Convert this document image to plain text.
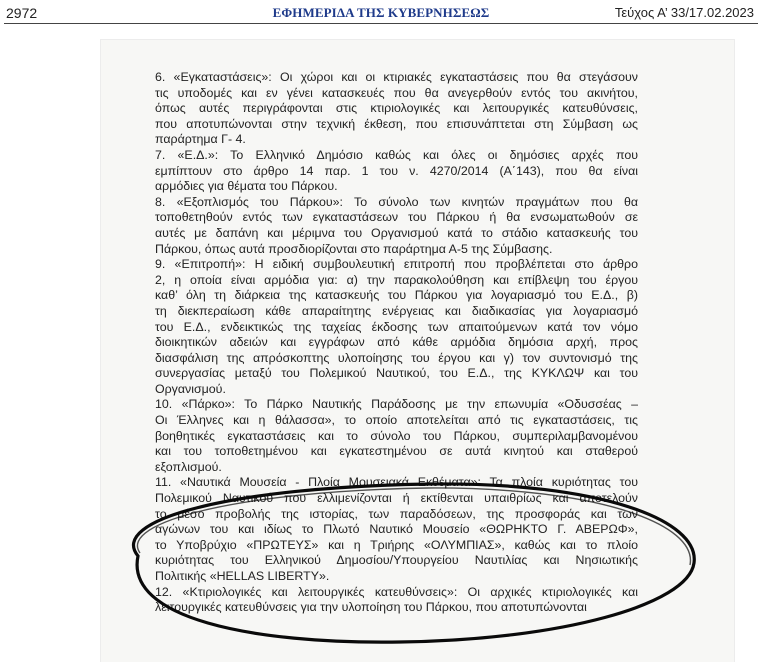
2972	ΕΦΗΜΕΡΙΔΑ ΤΗΣ ΚΥΒΕΡΝΗΣΕΩΣ	Τεύχος Α’ 33/17.02.2023
6. «Εγκαταστάσεις»: Οι χώροι και οι κτιριακές εγκαταστάσεις που θα στεγάσουν
τις υποδομές και εν γένει κατασκευές που θα ανεγερθούν εντός του ακινήτου,
όπως αυτές περιγράφονται στις κτιριολογικές και λειτουργικές κατευθύνσεις,
που αποτυπώνονται στην τεχνική έκθεση, που επισυνάπτεται στη Σύμβαση ως
παράρτημα Γ- 4.
7. «Ε.Δ.»: Το Ελληνικό Δημόσιο καθώς και όλες οι δημόσιες αρχές που
εμπίπτουν στο άρθρο 14 παρ. 1 του ν. 4270/2014 (Α΄143), που θα είναι
αρμόδιες για θέματα του Πάρκου.
8. «Εξοπλισμός του Πάρκου»: Το σύνολο των κινητών πραγμάτων που θα
τοποθετηθούν εντός των εγκαταστάσεων του Πάρκου ή θα ενσωματωθούν σε
αυτές με δαπάνη και μέριμνα του Οργανισμού κατά το στάδιο κατασκευής του
Πάρκου, όπως αυτά προσδιορίζονται στο παράρτημα Α-5 της Σύμβασης.
9. «Επιτροπή»: Η ειδική συμβουλευτική επιτροπή που προβλέπεται στο άρθρο
2, η οποία είναι αρμόδια για: α) την παρακολούθηση και επίβλεψη του έργου
καθ’ όλη τη διάρκεια της κατασκευής του Πάρκου για λογαριασμό του Ε.Δ., β)
τη διεκπεραίωση κάθε απαραίτητης ενέργειας και διαδικασίας για λογαριασμό
του Ε.Δ., ενδεικτικώς της ταχείας έκδοσης των απαιτούμενων κατά τον νόμο
διοικητικών αδειών και εγγράφων από κάθε αρμόδια δημόσια αρχή, προς
διασφάλιση της απρόσκοπτης υλοποίησης του έργου και γ) τον συντονισμό της
συνεργασίας μεταξύ του Πολεμικού Ναυτικού, του Ε.Δ., της ΚΥΚΛΩΨ και του
Οργανισμού.
10. «Πάρκο»: Το Πάρκο Ναυτικής Παράδοσης με την επωνυμία «Οδυσσέας –
Οι Έλληνες και η θάλασσα», το οποίο αποτελείται από τις εγκαταστάσεις, τις
βοηθητικές εγκαταστάσεις και το σύνολο του Πάρκου, συμπεριλαμβανομένου
και του τοποθετημένου και εγκατεστημένου σε αυτά κινητού και σταθερού
εξοπλισμού.
11. «Ναυτικά Μουσεία - Πλοία Μουσειακά Εκθέματα»: Τα πλοία κυριότητας του
Πολεμικού Ναυτικού που ελλιμενίζονται ή εκτίθενται υπαιθρίως και αποτελούν
το μέσο προβολής της ιστορίας, των παραδόσεων, της προσφοράς και των
αγώνων του και ιδίως το Πλωτό Ναυτικό Μουσείο «ΘΩΡΗΚΤΟ Γ. ΑΒΕΡΩΦ»,
το Υποβρύχιο «ΠΡΩΤΕΥΣ» και η Τριήρης «ΟΛΥΜΠΙΑΣ», καθώς και το πλοίο
κυριότητας του Ελληνικού Δημοσίου/Υπουργείου Ναυτιλίας και Νησιωτικής
Πολιτικής «HELLAS LIBERTY».
12. «Κτιριολογικές και λειτουργικές κατευθύνσεις»: Οι αρχικές κτιριολογικές και
λειτουργικές κατευθύνσεις για την υλοποίηση του Πάρκου, που αποτυπώνονται
